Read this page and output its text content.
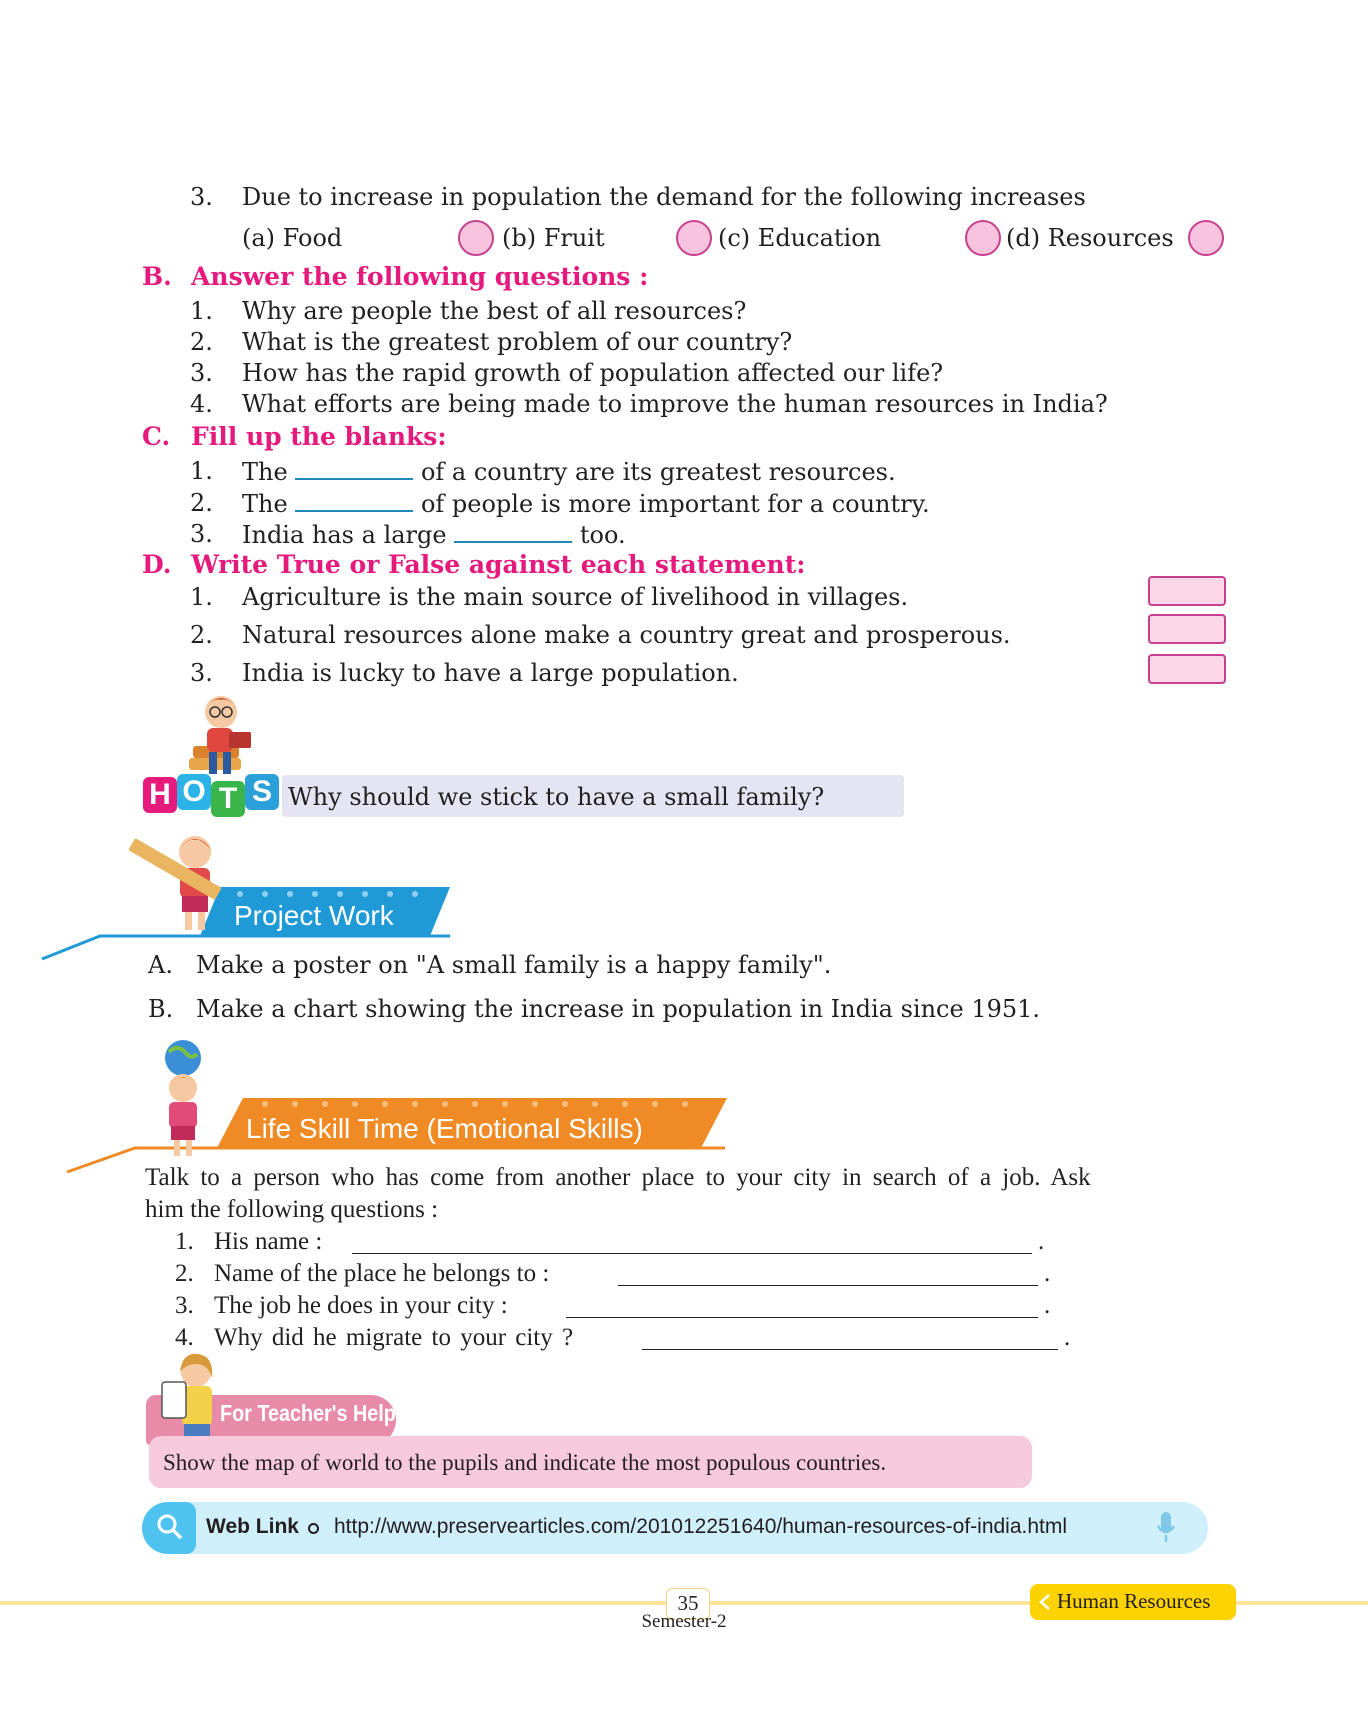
3. Due to increase in population the demand for the following increases
(a) Food	(b) Fruit	(c) Education	(d) Resources
B. Answer the following questions :
1. Why are people the best of all resources?
2. What is the greatest problem of our country?
3. How has the rapid growth of population affected our life?
4. What efforts are being made to improve the human resources in India?
C. Fill up the blanks:
1. The	of a country are its greatest resources.
2. The	of people is more important for a country.
3. India has a large	too.
D. Write True or False against each statement:
1. Agriculture is the main source of livelihood in villages.
2. Natural resources alone make a country great and prosperous.
3. India is lucky to have a large population.
H O T S Why should we stick to have a small family?
Project Work
A. Make a poster on "A small family is a happy family".
B. Make a chart showing the increase in population in India since 1951.
Life Skill Time (Emotional Skills)
Talk to a person who has come from another place to your city in search of a job. Ask
him the following questions :
1. His name :	.
2. Name of the place he belongs to :	.
3. The job he does in your city :	.
4. Why did he migrate to your city ?	.
For Teacher's Help
Show the map of world to the pupils and indicate the most populous countries.
Web Link http://www.preservearticles.com/201012251640/human-resources-of-india.html
35	Human Resources
Semester-2
